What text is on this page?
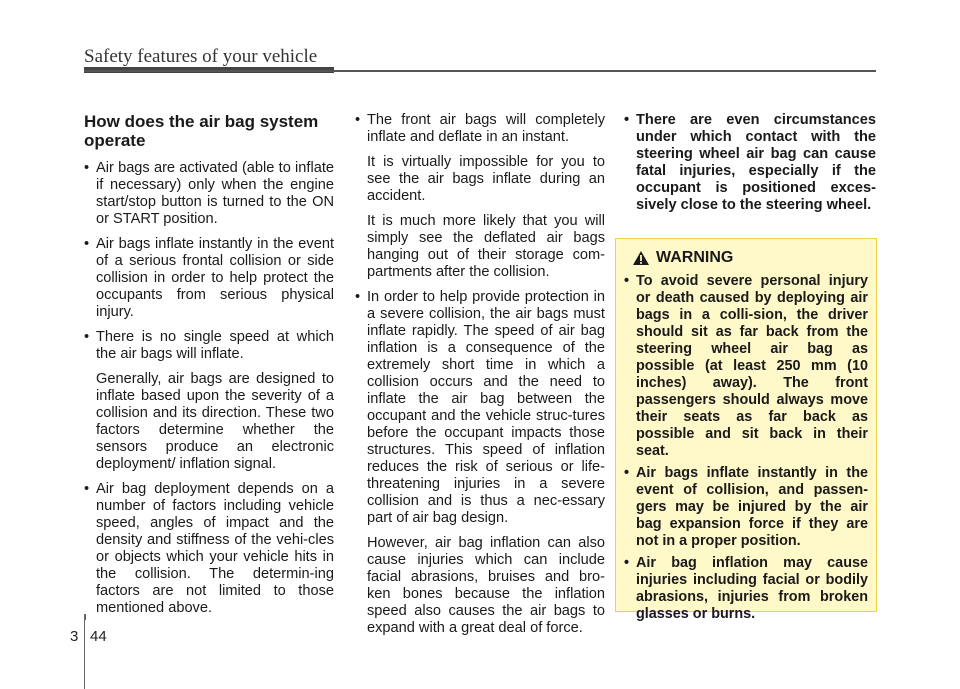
Safety features of your vehicle
How does the air bag system operate
• Air bags are activated (able to inflate if necessary) only when the engine start/stop button is turned to the ON or START position.
• Air bags inflate instantly in the event of a serious frontal collision or side collision in order to help protect the occupants from serious physical injury.
• There is no single speed at which the air bags will inflate.

Generally, air bags are designed to inflate based upon the severity of a collision and its direction. These two factors determine whether the sensors produce an electronic deployment/ inflation signal.

• Air bag deployment depends on a number of factors including vehicle speed, angles of impact and the density and stiffness of the vehi-cles or objects which your vehicle hits in the collision. The determin-ing factors are not limited to those mentioned above.
• The front air bags will completely inflate and deflate in an instant.

It is virtually impossible for you to see the air bags inflate during an accident.

It is much more likely that you will simply see the deflated air bags hanging out of their storage com-partments after the collision.

• In order to help provide protection in a severe collision, the air bags must inflate rapidly. The speed of air bag inflation is a consequence of the extremely short time in which a collision occurs and the need to inflate the air bag between the occupant and the vehicle struc-tures before the occupant impacts those structures. This speed of inflation reduces the risk of serious or life-threatening injuries in a severe collision and is thus a nec-essary part of air bag design.

However, air bag inflation can also cause injuries which can include facial abrasions, bruises and bro-ken bones because the inflation speed also causes the air bags to expand with a great deal of force.

• There are even circumstances under which contact with the steering wheel air bag can cause fatal injuries, especially if the occupant is positioned exces-sively close to the steering wheel.
WARNING
• To avoid severe personal injury or death caused by deploying air bags in a colli-sion, the driver should sit as far back from the steering wheel air bag as possible (at least 250 mm (10 inches) away). The front passengers should always move their seats as far back as possible and sit back in their seat.
• Air bags inflate instantly in the event of collision, and passen-gers may be injured by the air bag expansion force if they are not in a proper position.
• Air bag inflation may cause injuries including facial or bodily abrasions, injuries from broken glasses or burns.
3 44
